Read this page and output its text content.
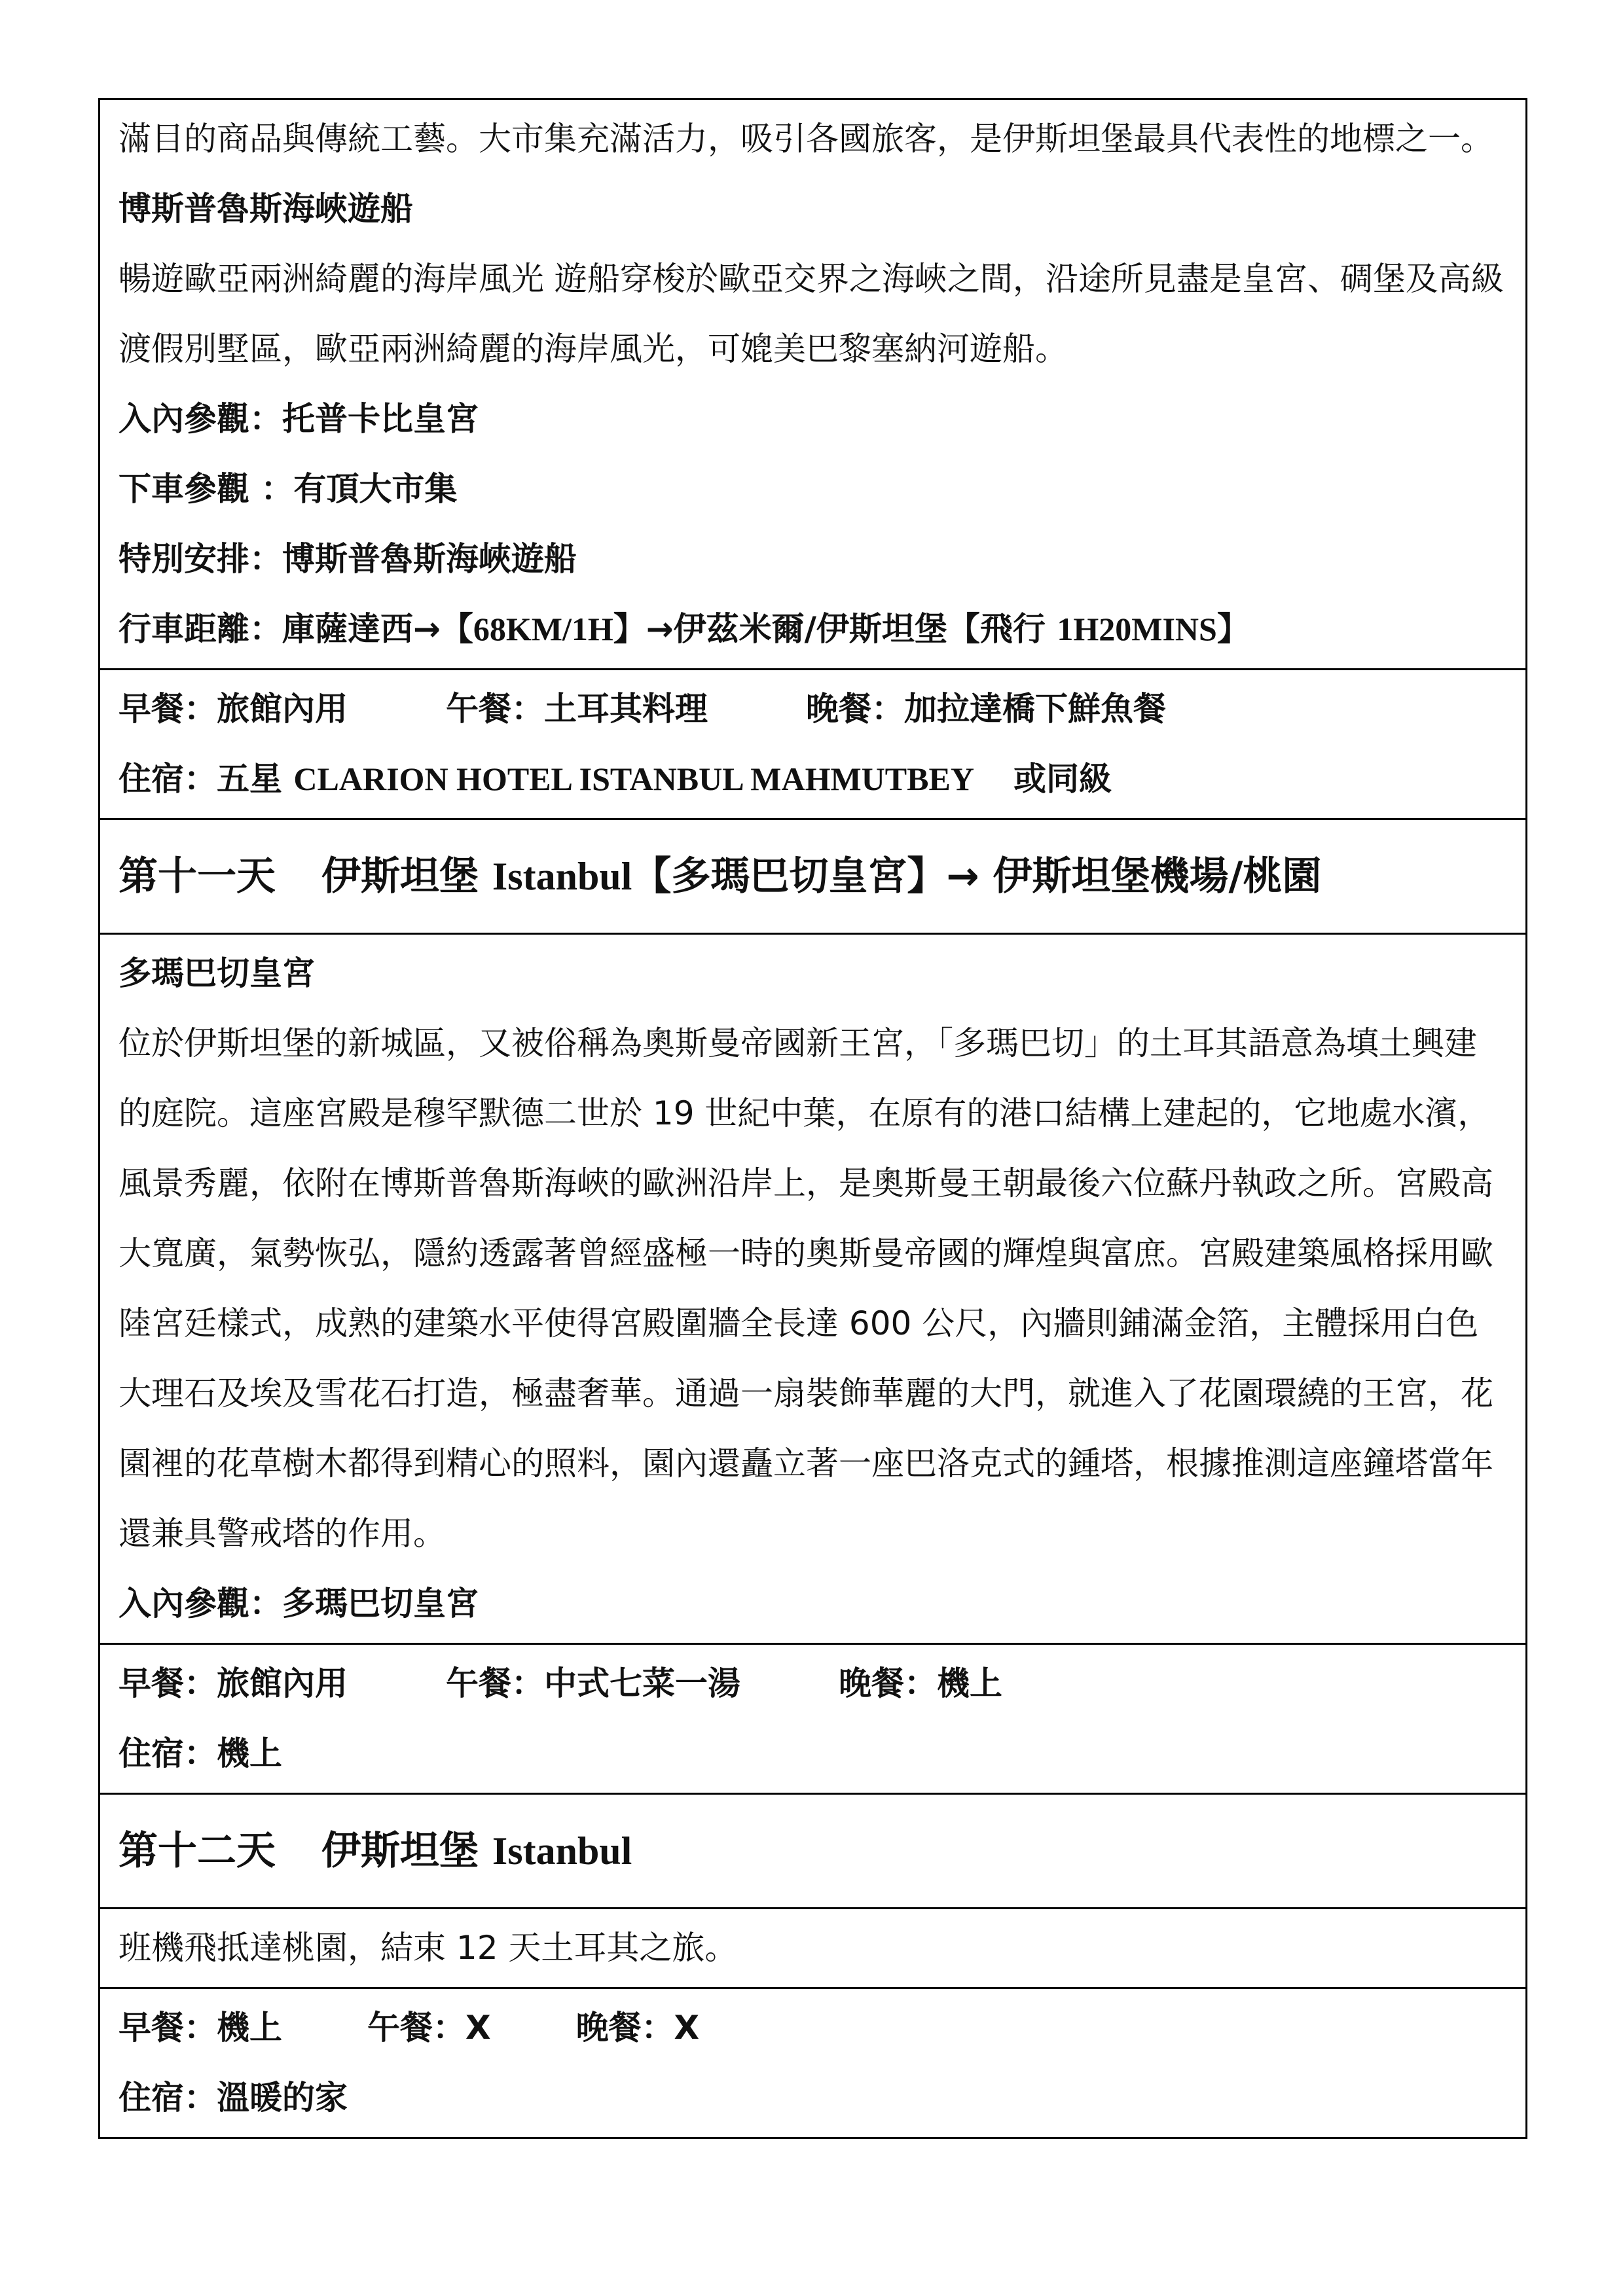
滿目的商品與傳統工藝。大市集充滿活力，吸引各國旅客，是伊斯坦堡最具代表性的地標之一。
博斯普魯斯海峽遊船
暢遊歐亞兩洲綺麗的海岸風光 遊船穿梭於歐亞交界之海峽之間，沿途所見盡是皇宮、碉堡及高級渡假別墅區，歐亞兩洲綺麗的海岸風光，可媲美巴黎塞納河遊船。
入內參觀：托普卡比皇宮
下車參觀 ：有頂大市集
特別安排：博斯普魯斯海峽遊船
行車距離：庫薩達西→【68KM/1H】→伊茲米爾/伊斯坦堡【飛行 1H20MINS】
早餐：旅館內用	午餐：土耳其料理	晚餐：加拉達橋下鮮魚餐
住宿：五星 CLARION HOTEL ISTANBUL MAHMUTBEY 或同級
第十一天 伊斯坦堡 Istanbul【多瑪巴切皇宮】→ 伊斯坦堡機場/桃園
多瑪巴切皇宮
位於伊斯坦堡的新城區，又被俗稱為奧斯曼帝國新王宮，「多瑪巴切」的土耳其語意為填土興建的庭院。這座宮殿是穆罕默德二世於 19 世紀中葉，在原有的港口結構上建起的，它地處水濱，風景秀麗，依附在博斯普魯斯海峽的歐洲沿岸上，是奧斯曼王朝最後六位蘇丹執政之所。宮殿高大寬廣，氣勢恢弘，隱約透露著曾經盛極一時的奧斯曼帝國的輝煌與富庶。宮殿建築風格採用歐陸宮廷樣式，成熟的建築水平使得宮殿圍牆全長達 600 公尺，內牆則鋪滿金箔，主體採用白色大理石及埃及雪花石打造，極盡奢華。通過一扇裝飾華麗的大門，就進入了花園環繞的王宮，花園裡的花草樹木都得到精心的照料，園內還矗立著一座巴洛克式的鍾塔，根據推測這座鐘塔當年還兼具警戒塔的作用。
入內參觀：多瑪巴切皇宮
早餐：旅館內用	午餐：中式七菜一湯	晚餐：機上
住宿：機上
第十二天 伊斯坦堡 Istanbul
班機飛抵達桃園，結束 12 天土耳其之旅。
早餐：機上	午餐：X	晚餐：X
住宿：溫暖的家
